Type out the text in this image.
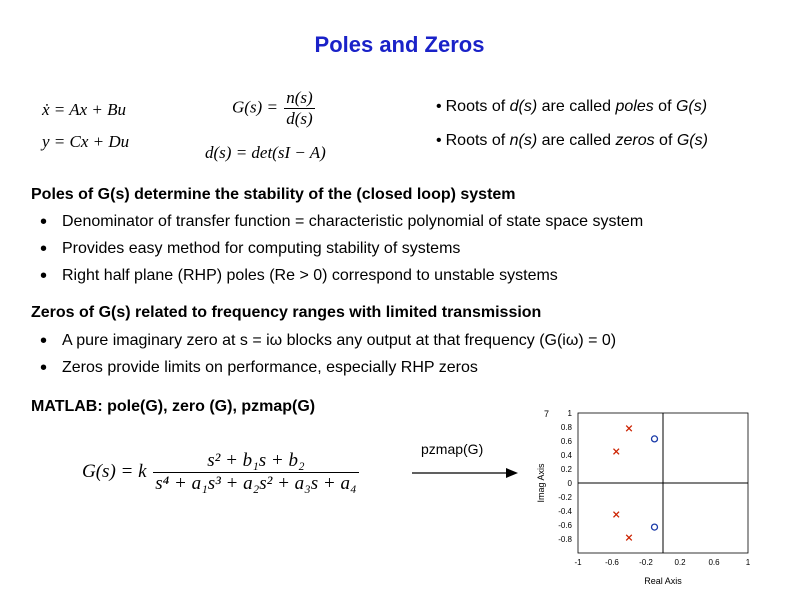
Poles and Zeros
ẋ = Ax + Bu
y = Cx + Du
$G(s) = \frac{n(s)}{d(s)}$
d(s) = det(sI − A)
• Roots of d(s) are called poles of G(s)
• Roots of n(s) are called zeros of G(s)
Poles of G(s) determine the stability of the (closed loop) system
• Denominator of transfer function = characteristic polynomial of state space system
• Provides easy method for computing stability of systems
• Right half plane (RHP) poles (Re > 0) correspond to unstable systems
Zeros of G(s) related to frequency ranges with limited transmission
• A pure imaginary zero at s = iω blocks any output at that frequency (G(iω) = 0)
• Zeros provide limits on performance, especially RHP zeros
MATLAB: pole(G), zero (G), pzmap(G)
G(s) = k $\frac{\text{s² + b₁s + b₂}}{\text{s⁴ + a₁s³ + a₂s² + a₃s + a₄}}$
pzmap(G)
1
0.8
0.6
0.4
0.2
0
-0.2
-0.4
-0.6
-0.8
-1	-0.6	-0.2	0.2	0.6	1
7
Real Axis
Imag Axis
